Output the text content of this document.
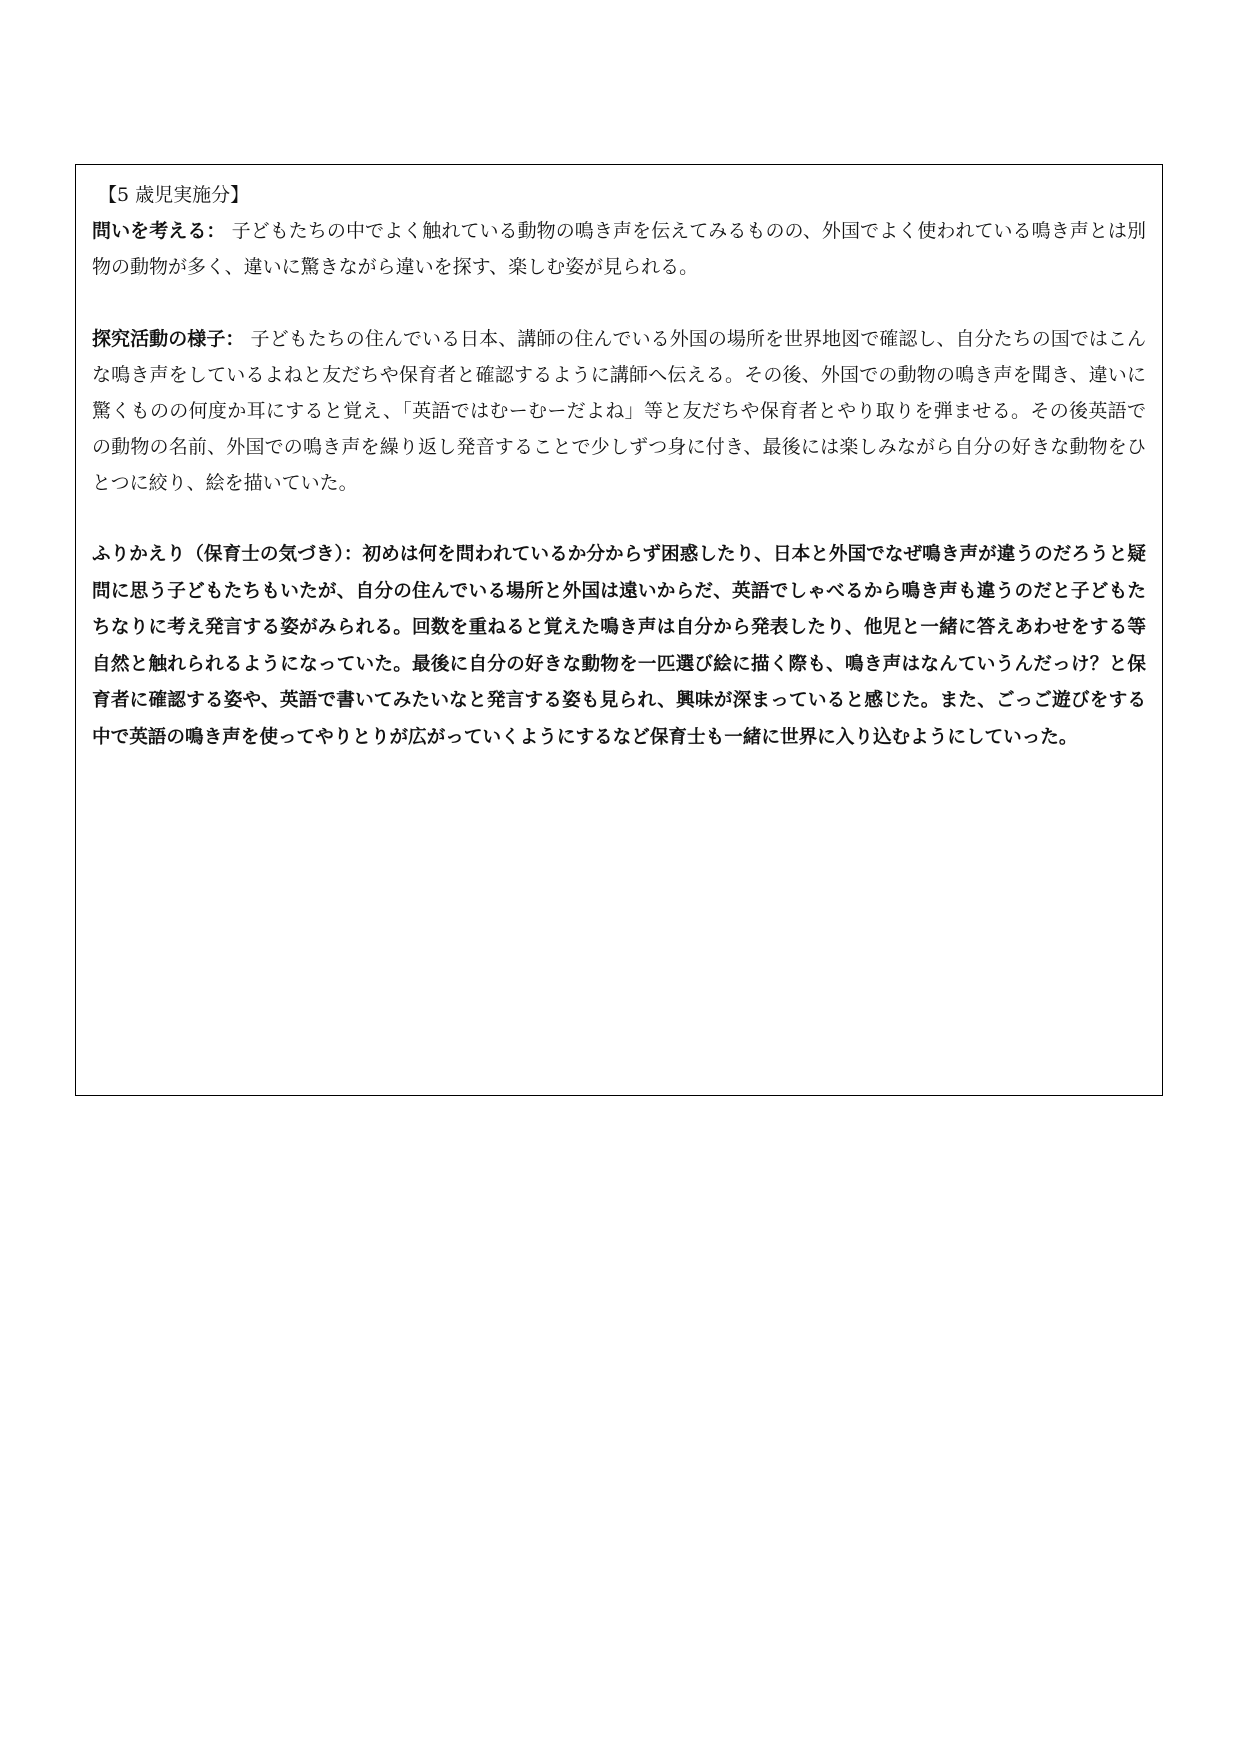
【5 歳児実施分】

問いを考える： 子どもたちの中でよく触れている動物の鳴き声を伝えてみるものの、外国でよく使われている鳴き声とは別物の動物が多く、違いに驚きながら違いを探す、楽しむ姿が見られる。

探究活動の様子： 子どもたちの住んでいる日本、講師の住んでいる外国の場所を世界地図で確認し、自分たちの国ではこんな鳴き声をしているよねと友だちや保育者と確認するように講師へ伝える。その後、外国での動物の鳴き声を聞き、違いに驚くものの何度か耳にすると覚え、「英語ではむーむーだよね」等と友だちや保育者とやり取りを弾ませる。その後英語での動物の名前、外国での鳴き声を繰り返し発音することで少しずつ身に付き、最後には楽しみながら自分の好きな動物をひとつに絞り、絵を描いていた。

ふりかえり（保育士の気づき）：初めは何を問われているか分からず困惑したり、日本と外国でなぜ鳴き声が違うのだろうと疑問に思う子どもたちもいたが、自分の住んでいる場所と外国は遠いからだ、英語でしゃべるから鳴き声も違うのだと子どもたちなりに考え発言する姿がみられる。回数を重ねると覚えた鳴き声は自分から発表したり、他児と一緒に答えあわせをする等自然と触れられるようになっていた。最後に自分の好きな動物を一匹選び絵に描く際も、鳴き声はなんていうんだっけ？と保育者に確認する姿や、英語で書いてみたいなと発言する姿も見られ、興味が深まっていると感じた。また、ごっご遊びをする中で英語の鳴き声を使ってやりとりが広がっていくようにするなど保育士も一緒に世界に入り込むようにしていった。
